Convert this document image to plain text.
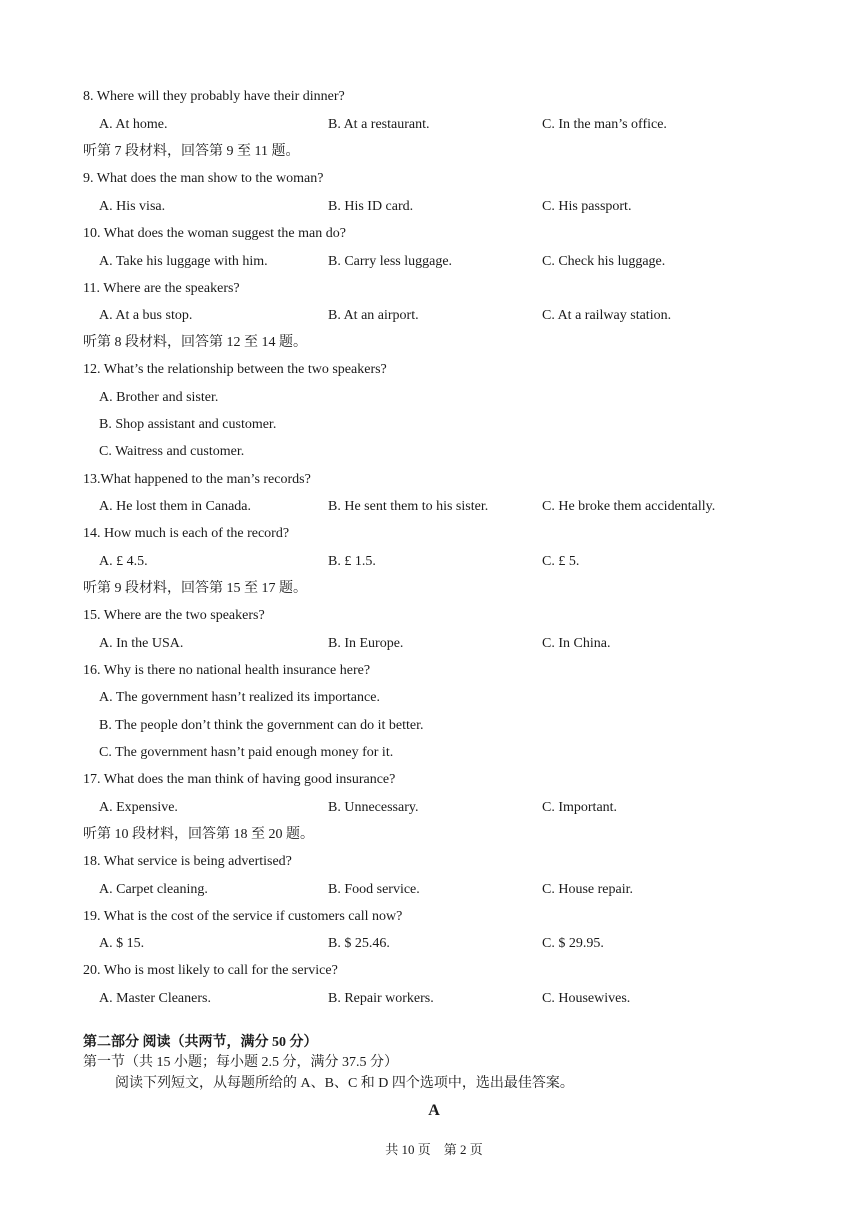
8. Where will they probably have their dinner?
A. At home.	B. At a restaurant.	C. In the man’s office.
听第 7 段材料，回答第 9 至 11 题。
9. What does the man show to the woman?
A. His visa.	B. His ID card.	C. His passport.
10. What does the woman suggest the man do?
A. Take his luggage with him.	B. Carry less luggage.	C. Check his luggage.
11. Where are the speakers?
A. At a bus stop.	B. At an airport.	C. At a railway station.
听第 8 段材料，回答第 12 至 14 题。
12. What’s the relationship between the two speakers?
A. Brother and sister.
B. Shop assistant and customer.
C. Waitress and customer.
13.What happened to the man’s records?
A. He lost them in Canada.	B. He sent them to his sister.	C. He broke them accidentally.
14. How much is each of the record?
A. £ 4.5.	B. £ 1.5.	C. £ 5.
听第 9 段材料，回答第 15 至 17 题。
15. Where are the two speakers?
A. In the USA.	B. In Europe.	C. In China.
16. Why is there no national health insurance here?
A. The government hasn’t realized its importance.
B. The people don’t think the government can do it better.
C. The government hasn’t paid enough money for it.
17. What does the man think of having good insurance?
A. Expensive.	B. Unnecessary.	C. Important.
听第 10 段材料，回答第 18 至 20 题。
18. What service is being advertised?
A. Carpet cleaning.	B. Food service.	C. House repair.
19. What is the cost of the service if customers call now?
A. $ 15.	B. $ 25.46.	C. $ 29.95.
20. Who is most likely to call for the service?
A. Master Cleaners.	B. Repair workers.	C. Housewives.
第二部分 阅读（共两节，满分 50 分）
第一节（共 15 小题；每小题 2.5 分，满分 37.5 分）
阅读下列短文，从每题所给的 A、B、C 和 D 四个选项中，选出最佳答案。
A
共 10 页　第 2 页
